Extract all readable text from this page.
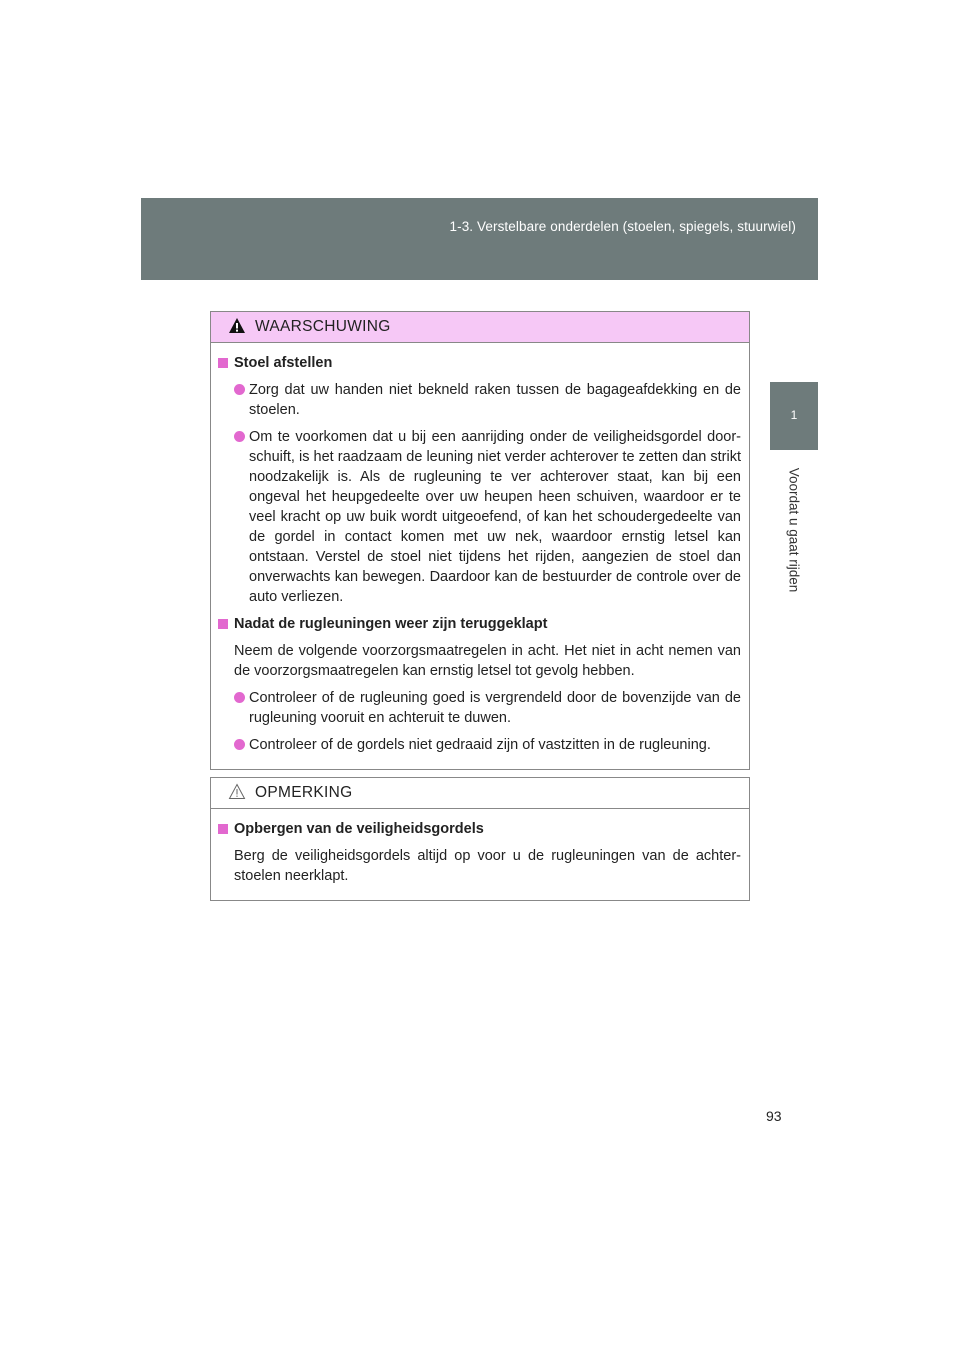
1-3. Verstelbare onderdelen (stoelen, spiegels, stuurwiel)
1
Voordat u gaat rijden
WAARSCHUWING
Stoel afstellen
Zorg dat uw handen niet bekneld raken tussen de bagageafdekking en de stoelen.
Om te voorkomen dat u bij een aanrijding onder de veiligheidsgordel door-schuift, is het raadzaam de leuning niet verder achterover te zetten dan strikt noodzakelijk is. Als de rugleuning te ver achterover staat, kan bij een ongeval het heupgedeelte over uw heupen heen schuiven, waardoor er te veel kracht op uw buik wordt uitgeoefend, of kan het schoudergedeelte van de gordel in contact komen met uw nek, waardoor ernstig letsel kan ontstaan. Verstel de stoel niet tijdens het rijden, aangezien de stoel dan onverwachts kan bewegen. Daardoor kan de bestuurder de controle over de auto verliezen.
Nadat de rugleuningen weer zijn teruggeklapt
Neem de volgende voorzorgsmaatregelen in acht. Het niet in acht nemen van de voorzorgsmaatregelen kan ernstig letsel tot gevolg hebben.
Controleer of de rugleuning goed is vergrendeld door de bovenzijde van de rugleuning vooruit en achteruit te duwen.
Controleer of de gordels niet gedraaid zijn of vastzitten in de rugleuning.
OPMERKING
Opbergen van de veiligheidsgordels
Berg de veiligheidsgordels altijd op voor u de rugleuningen van de achter-stoelen neerklapt.
93
